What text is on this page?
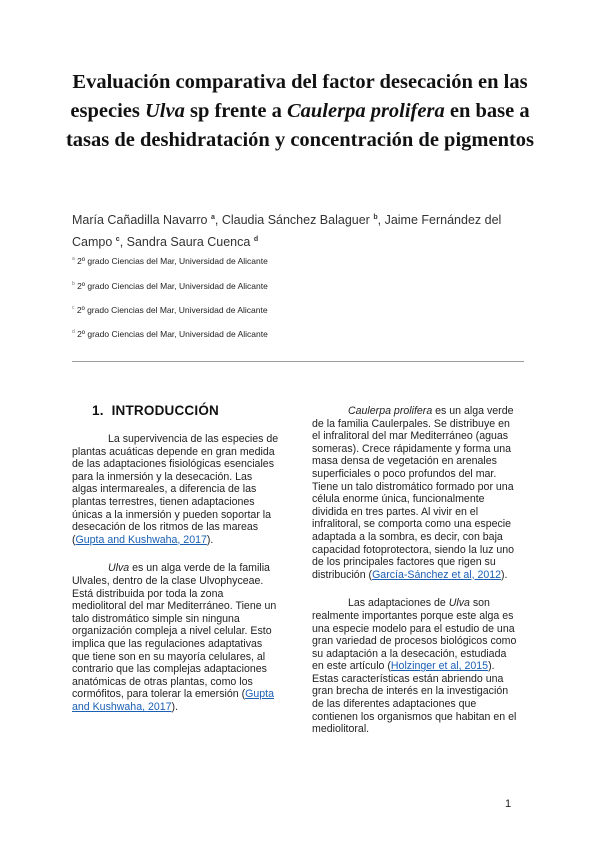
Evaluación comparativa del factor desecación en las especies Ulva sp frente a Caulerpa prolifera en base a tasas de deshidratación y concentración de pigmentos

María Cañadilla Navarro $^a$, Claudia Sánchez Balaguer $^b$, Jaime Fernández del Campo $^c$, Sandra Saura Cuenca $^d$

$^a$ 2º grado Ciencias del Mar, Universidad de Alicante

$^b$ 2º grado Ciencias del Mar, Universidad de Alicante

$^c$ 2º grado Ciencias del Mar, Universidad de Alicante

$^d$ 2º grado Ciencias del Mar, Universidad de Alicante

1. INTRODUCCIÓN

La supervivencia de las especies de plantas acuáticas depende en gran medida de las adaptaciones fisiológicas esenciales para la inmersión y la desecación. Las algas intermareales, a diferencia de las plantas terrestres, tienen adaptaciones únicas a la inmersión y pueden soportar la desecación de los ritmos de las mareas (Gupta and Kushwaha, 2017).

Ulva es un alga verde de la familia Ulvales, dentro de la clase Ulvophyceae. Está distribuida por toda la zona mediolitoral del mar Mediterráneo. Tiene un talo distromático simple sin ninguna organización compleja a nivel celular. Esto implica que las regulaciones adaptativas que tiene son en su mayoría celulares, al contrario que las complejas adaptaciones anatómicas de otras plantas, como los cormófitos, para tolerar la emersión (Gupta and Kushwaha, 2017).

Caulerpa prolifera es un alga verde de la familia Caulerpales. Se distribuye en el infralitoral del mar Mediterráneo (aguas someras). Crece rápidamente y forma una masa densa de vegetación en arenales superficiales o poco profundos del mar. Tiene un talo distromático formado por una célula enorme única, funcionalmente dividida en tres partes. Al vivir en el infralitoral, se comporta como una especie adaptada a la sombra, es decir, con baja capacidad fotoprotectora, siendo la luz uno de los principales factores que rigen su distribución (García-Sánchez et al, 2012).

Las adaptaciones de Ulva son realmente importantes porque este alga es una especie modelo para el estudio de una gran variedad de procesos biológicos como su adaptación a la desecación, estudiada en este artículo (Holzinger et al, 2015). Estas características están abriendo una gran brecha de interés en la investigación de las diferentes adaptaciones que contienen los organismos que habitan en el mediolitoral.

1
